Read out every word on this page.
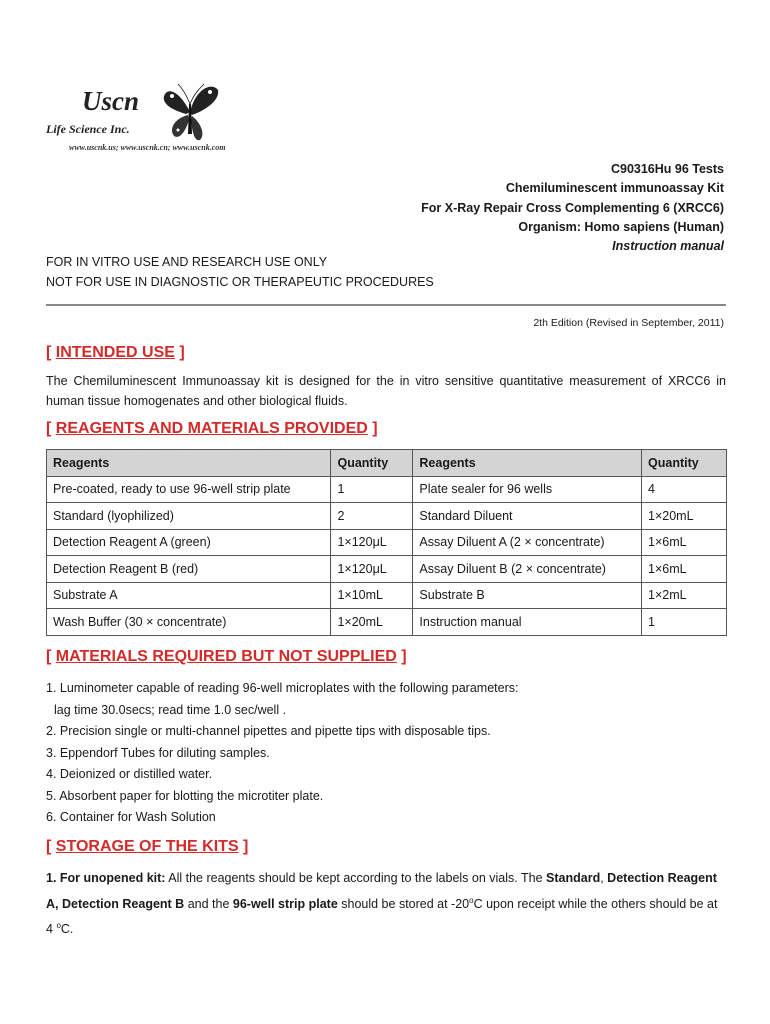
Uscn
Life Science Inc.
www.uscnk.us; www.uscnk.cn; www.uscnk.com
C90316Hu 96 Tests
Chemiluminescent immunoassay Kit
For X-Ray Repair Cross Complementing 6 (XRCC6)
Organism: Homo sapiens (Human)
Instruction manual
FOR IN VITRO USE AND RESEARCH USE ONLY
NOT FOR USE IN DIAGNOSTIC OR THERAPEUTIC PROCEDURES
2th Edition (Revised in September, 2011)
[ INTENDED USE ]
The Chemiluminescent Immunoassay kit is designed for the in vitro sensitive quantitative measurement of XRCC6 in human tissue homogenates and other biological fluids.
[ REAGENTS AND MATERIALS PROVIDED ]
Reagents	Quantity	Reagents	Quantity
Pre-coated, ready to use 96-well strip plate	1	Plate sealer for 96 wells	4
Standard (lyophilized)	2	Standard Diluent	1×20mL
Detection Reagent A (green)	1×120μL	Assay Diluent A (2 × concentrate)	1×6mL
Detection Reagent B (red)	1×120μL	Assay Diluent B (2 × concentrate)	1×6mL
Substrate A	1×10mL	Substrate B	1×2mL
Wash Buffer (30 × concentrate)	1×20mL	Instruction manual	1
[ MATERIALS REQUIRED BUT NOT SUPPLIED ]
1. Luminometer capable of reading 96-well microplates with the following parameters:
lag time 30.0secs; read time 1.0 sec/well .
2. Precision single or multi-channel pipettes and pipette tips with disposable tips.
3. Eppendorf Tubes for diluting samples.
4. Deionized or distilled water.
5. Absorbent paper for blotting the microtiter plate.
6. Container for Wash Solution
[ STORAGE OF THE KITS ]
1. For unopened kit: All the reagents should be kept according to the labels on vials. The Standard, Detection Reagent A, Detection Reagent B and the 96-well strip plate should be stored at -20$^o$C upon receipt while the others should be at 4 $^o$C.
